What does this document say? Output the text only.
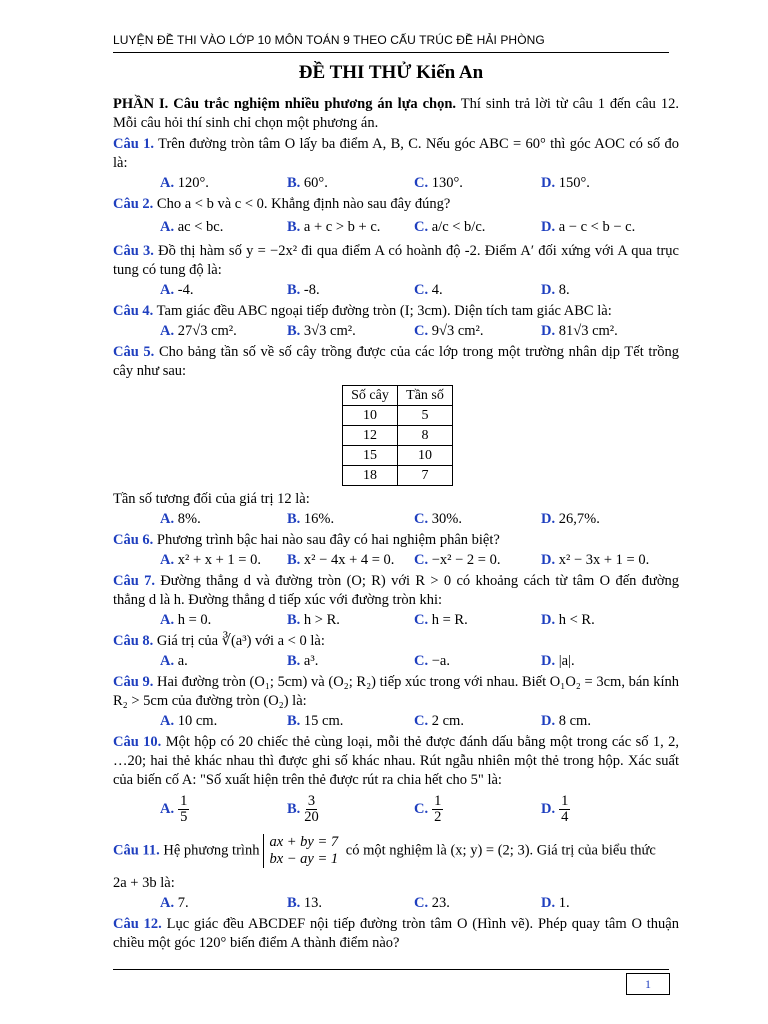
LUYỆN ĐỀ THI VÀO LỚP 10 MÔN TOÁN 9 THEO CẤU TRÚC ĐỀ HẢI PHÒNG
ĐỀ THI THỬ Kiến An

PHẦN I. Câu trắc nghiệm nhiều phương án lựa chọn. Thí sinh trả lời từ câu 1 đến câu 12. Mỗi câu hỏi thí sinh chỉ chọn một phương án.

Câu 1. Trên đường tròn tâm O lấy ba điểm A, B, C. Nếu góc ABC = 60° thì góc AOC có số đo là:

A. 120°.	B. 60°.	C. 130°.	D. 150°.

Câu 2. Cho a < b và c < 0. Khẳng định nào sau đây đúng?

A. ac < bc.	B. a + c > b + c.	C. a/c < b/c.	D. a − c < b − c.

Câu 3. Đồ thị hàm số y = −2x² đi qua điểm A có hoành độ -2. Điểm A′ đối xứng với A qua trục tung có tung độ là:

A. -4.	B. -8.	C. 4.	D. 8.

Câu 4. Tam giác đều ABC ngoại tiếp đường tròn (I; 3cm). Diện tích tam giác ABC là:

A. 27√3 cm².	B. 3√3 cm².	C. 9√3 cm².	D. 81√3 cm².

Câu 5. Cho bảng tần số về số cây trồng được của các lớp trong một trường nhân dịp Tết trồng cây như sau:

Số cây	Tần số
10	5
12	8
15	10
18	7

Tần số tương đối của giá trị 12 là:

A. 8%.	B. 16%.	C. 30%.	D. 26,7%.

Câu 6. Phương trình bậc hai nào sau đây có hai nghiệm phân biệt?

A. x² + x + 1 = 0.	B. x² − 4x + 4 = 0.	C. −x² − 2 = 0.	D. x² − 3x + 1 = 0.

Câu 7. Đường thẳng d và đường tròn (O; R) với R > 0 có khoảng cách từ tâm O đến đường thẳng d là h. Đường thẳng d tiếp xúc với đường tròn khi:

A. h = 0.	B. h > R.	C. h = R.	D. h < R.

Câu 8. Giá trị của ∛(a³) với a < 0 là:

A. a.	B. a³.	C. −a.	D. |a|.

Câu 9. Hai đường tròn (O₁; 5cm) và (O₂; R₂) tiếp xúc trong với nhau. Biết O₁O₂ = 3cm, bán kính R₂ > 5cm của đường tròn (O₂) là:

A. 10 cm.	B. 15 cm.	C. 2 cm.	D. 8 cm.

Câu 10. Một hộp có 20 chiếc thẻ cùng loại, mỗi thẻ được đánh dấu bằng một trong các số 1, 2, …20; hai thẻ khác nhau thì được ghi số khác nhau. Rút ngẫu nhiên một thẻ trong hộp. Xác suất của biến cố A: "Số xuất hiện trên thẻ được rút ra chia hết cho 5" là:

A. $\frac{1}{5}$	B. $\frac{3}{20}$	C. $\frac{1}{2}$	D. $\frac{1}{4}$

Câu 11. Hệ phương trìnhax + by = 7
bx − ay = 1 có một nghiệm là (x; y) = (2; 3). Giá trị của biểu thức

2a + 3b là:

A. 7.	B. 13.	C. 23.	D. 1.

Câu 12. Lục giác đều ABCDEF nội tiếp đường tròn tâm O (Hình vẽ). Phép quay tâm O thuận chiều một góc 120° biến điểm A thành điểm nào?

1
